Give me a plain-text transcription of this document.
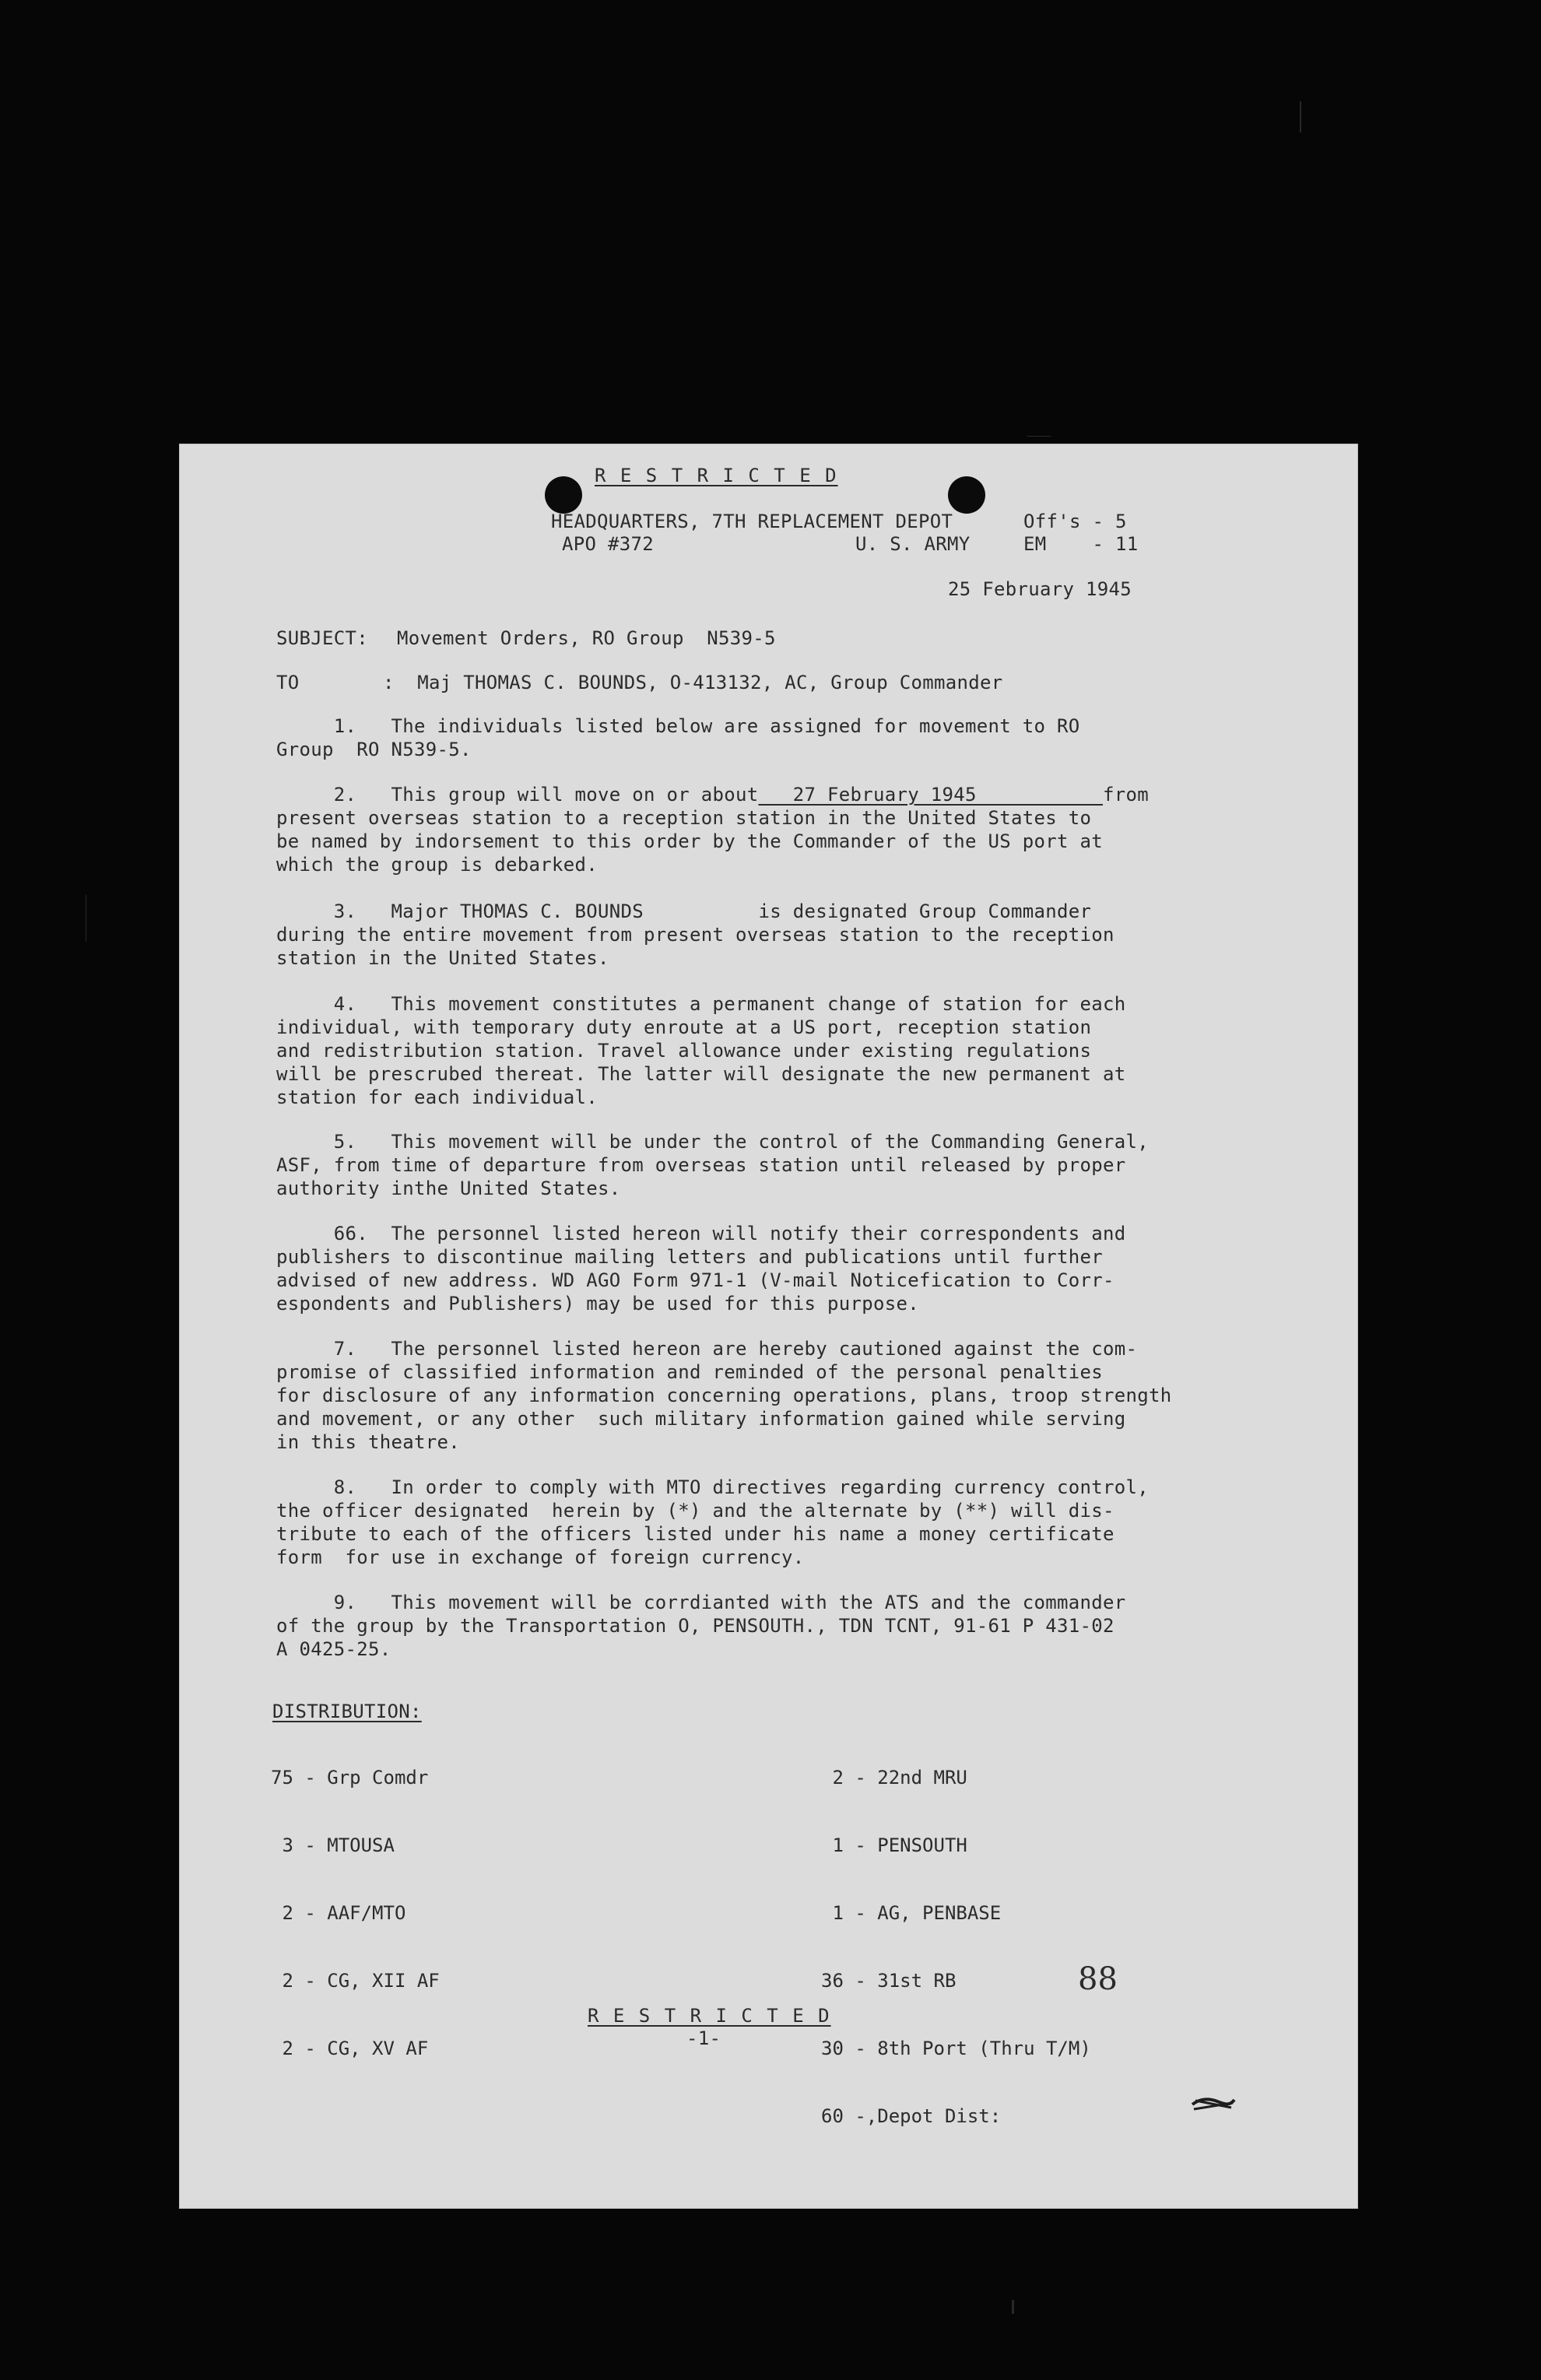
R E S T R I C T E D
HEADQUARTERS, 7TH REPLACEMENT DEPOT
APO #372	U. S. ARMY
Off's - 5
EM    - 11
25 February 1945
SUBJECT: Movement Orders, RO Group  N539-5
TO	:  Maj THOMAS C. BOUNDS, O-413132, AC, Group Commander
1.   The individuals listed below are assigned for movement to RO
Group  RO N539-5.
2.   This group will move on or about   27 February 1945           from
present overseas station to a reception station in the United States to
be named by indorsement to this order by the Commander of the US port at
which the group is debarked.
3.   Major THOMAS C. BOUNDS          is designated Group Commander
during the entire movement from present overseas station to the reception
station in the United States.
4.   This movement constitutes a permanent change of station for each
individual, with temporary duty enroute at a US port, reception station
and redistribution station. Travel allowance under existing regulations
will be prescrubed thereat. The latter will designate the new permanent at
station for each individual.
5.   This movement will be under the control of the Commanding General,
ASF, from time of departure from overseas station until released by proper
authority inthe United States.
66.  The personnel listed hereon will notify their correspondents and
publishers to discontinue mailing letters and publications until further
advised of new address. WD AGO Form 971-1 (V-mail Noticefication to Corr-
espondents and Publishers) may be used for this purpose.
7.   The personnel listed hereon are hereby cautioned against the com-
promise of classified information and reminded of the personal penalties
for disclosure of any information concerning operations, plans, troop strength
and movement, or any other  such military information gained while serving
in this theatre.
8.   In order to comply with MTO directives regarding currency control,
the officer designated  herein by (*) and the alternate by (**) will dis-
tribute to each of the officers listed under his name a money certificate
form  for use in exchange of foreign currency.
9.   This movement will be corrdianted with the ATS and the commander
of the group by the Transportation O, PENSOUTH., TDN TCNT, 91-61 P 431-02
A 0425-25.
DISTRIBUTION:

75 - Grp Comdr

3 - MTOUSA

2 - AAF/MTO

2 - CG, XII AF

2 - CG, XV AF

2 - 22nd MRU

1 - PENSOUTH

1 - AG, PENBASE

36 - 31st RB

30 - 8th Port (Thru T/M)

60 -,Depot Dist:

88
R E S T R I C T E D
-1-
